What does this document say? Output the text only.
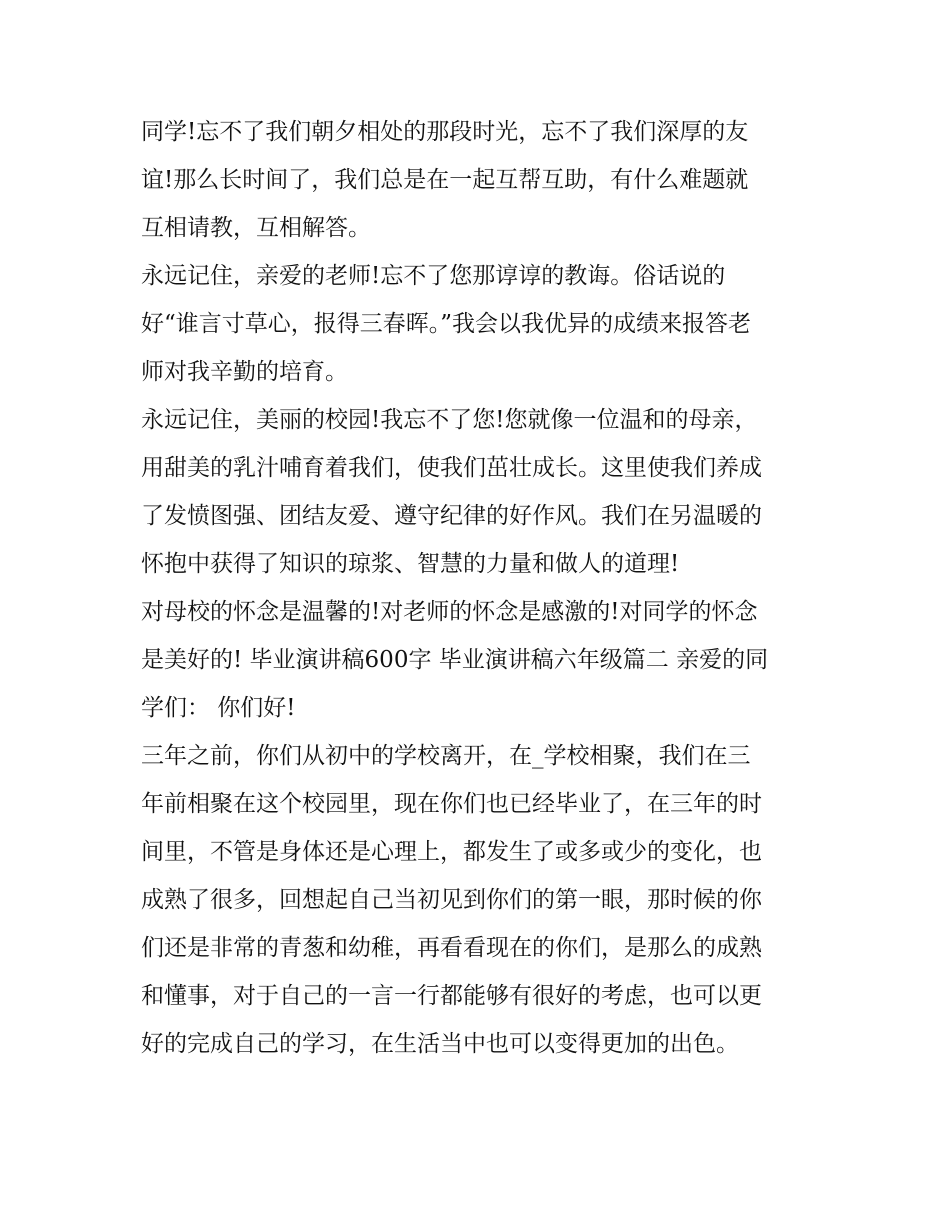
同学!忘不了我们朝夕相处的那段时光，忘不了我们深厚的友
谊!那么长时间了，我们总是在一起互帮互助，有什么难题就
互相请教，互相解答。
永远记住，亲爱的老师!忘不了您那谆谆的教诲。俗话说的
好“谁言寸草心，报得三春晖。”我会以我优异的成绩来报答老
师对我辛勤的培育。
永远记住，美丽的校园!我忘不了您!您就像一位温和的母亲，
用甜美的乳汁哺育着我们，使我们茁壮成长。这里使我们养成
了发愤图强、团结友爱、遵守纪律的好作风。我们在另温暖的
怀抱中获得了知识的琼浆、智慧的力量和做人的道理!
对母校的怀念是温馨的!对老师的怀念是感激的!对同学的怀念
是美好的! 毕业演讲稿600字 毕业演讲稿六年级篇二 亲爱的同
学们： 你们好!
三年之前，你们从初中的学校离开，在_学校相聚，我们在三
年前相聚在这个校园里，现在你们也已经毕业了，在三年的时
间里，不管是身体还是心理上，都发生了或多或少的变化，也
成熟了很多，回想起自己当初见到你们的第一眼，那时候的你
们还是非常的青葱和幼稚，再看看现在的你们，是那么的成熟
和懂事，对于自己的一言一行都能够有很好的考虑，也可以更
好的完成自己的学习，在生活当中也可以变得更加的出色。
